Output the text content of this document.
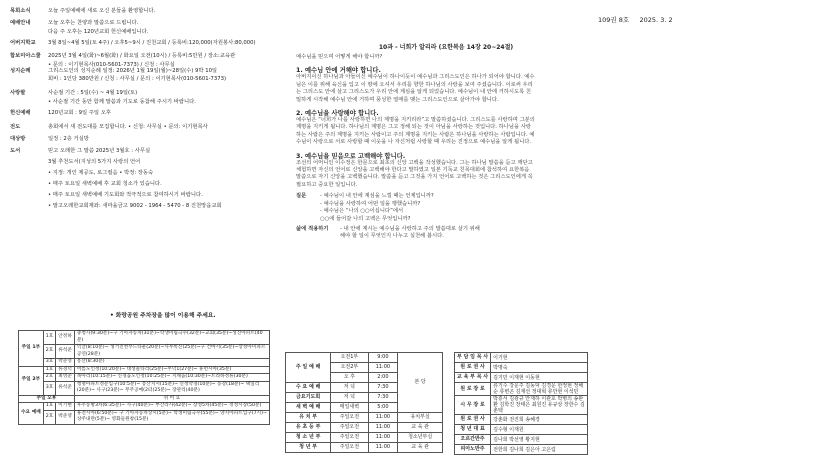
목회소식	오늘 주일예배에 새로 오신 분들을 환영합니다.
예배안내	오늘 오후는 찬양과 말씀으로 드립니다.
다음 주 오후는 120년교회 헌신예배입니다.
어버지학교 3월 8일~4월 5일(토 4주) / 오후5~9시 / 진천교회 / 등록비:120,000(자원봉사:80,000)
합보미아스쿨 2025년 3월 4일(화)~6월(화) / 화요일 오전(10시) / 등록비:5만원 / 장소:교육관
• 문의 : 이기현목사(010-5601-7373) / 신청 : 사무실
성지순례	그리스도인의 성지순례 일정: 2026년 1월 19일(월)~28일(수) 9박 10일
회비 : 1인당 380만원 / 신청 : 사무실 / 문의 : 이기현목사(010-5601-7373)
사랑팔	사순절 기간 : 5일(수) ~ 4월 19일(토)
• 사순절 기간 동안 함께 말씀과 기도로 동참해 주시기 바랍니다.
헌신예배	120년교회 : 9일 주일 오후
전도	총회에서 새 전도대를 모집합니다. • 신청: 사무실 • 문의: 이기현목사
대상방	일정 : 2층 거실방
도서	믿고 오래한 그 말씀 2025년 3월호 : 사무실
3월 추천도서(지성의 5가지 사랑의 언어
• 지정: 개인 제공도, 로그컬음 • 박정: 장동숙
• 매주 토요일 새벽예배 후 교회 청소가 있습니다.
• 매주 토요일 새벽예배 기도회와 적극적으로 참여하시기 바랍니다.
• 말고오래한교회계좌: 새마을금고 9002 - 1964 - 5470 - 8 진천망읍교회
109권 8호 2025. 3. 2
10과 - 너희가 알리라 (요한복음 14장 20~24절)
예수님을 믿으며 어떻게 해야 합니까?
1. 예수님 안에 거해야 합니다.
아버지이신 하나님과 아들이신 예수님이 하나이듯이 예수님과 그리스도인은 하나가 되어야 합니다. 예수님은 이를 위해 육신을 입고 이 땅에 오셔서 우리를 향한 하나님의 사랑을 보여 주셨습니다. 이로써 우리는 그리스도 안에 살고 그리스도가 우리 안에 계심을 알게 되었습니다. 예수님이 내 안에 거하시도록 친밀하게 시작해 예수님 안에 거하며 풍성한 열매를 맺는 그리스도인으로 살아가야 합니다.
2. 예수님을 사랑해야 합니다.
예수님은 “너희가 나를 사랑하면 나의 계명을 지키리라”고 말씀하셨습니다. 그리스도를 사랑하며 그분의 계명을 지키게 됩니다. 하나님의 계명은 그고 정해 되는 것이 아님을 사랑하는 것입니다. 하나님을 사랑하는 사람은 주의 계명을 지키는 사람이고 주의 계명을 지키는 사람은 하나님을 사랑하는 사람입니다. 예수님이 사랑으로 서로 사랑할 때 이웃을 나 자신처럼 사랑할 때 우리는 진정으로 예수님을 알게 됩니다.
3. 예수님을 믿음으로 고백해야 합니다.
조선의 어머니인 이수정은 한문으로 최초의 신앙 고백을 작성했습니다. 그는 하나님 말씀을 듣고 깨닫고 체험하면 자신의 언어로 신앙을 고백해야 한다고 말하였고 일본 기독교 친목대회에 참석하여 요한복음 말씀으로 자기 신앙을 고백했습니다. 말씀을 듣고 그것을 가지 언어로 고백하는 것은 그리스도인에게 꼭 필요하고 중요한 일입니다.
질문	- 예수님이 내 안에 계심을 느낄 때는 언제입니까?
- 예수님을 사랑하여 어떤 일을 행했습니까?
- 예수님은 “나의 ○○이십니다”에서
○○에 들어갈 나의 고백은 무엇입니까?
삶에 적용하기 - 내 안에 계시는 예수님을 사랑하고 주의 말씀대로 살기 위해
해야 할 일이 무엇인지 나누고 실천해 봅시다.
• 화랑공원 주차장을 많이 이용해 주세요.
주일 1부	1호	안정하	충청사(9:30분)~구 기아자동차(31분)~학생미림극수(32분)~교회(35분)~성진아파트(40분)
	2호	류석준	익글(8:10분)~ 생거진천푸드타운(20분)~사무록신(25분)~구 건마시(35분)~장성아미파르공연(28분)
	3호	박준영	흥산(8:30분)
주일 2부	1호	류경덕	어름노인정(10:20분)~ 대성놀타리(25분)~무덕1(27분)~ 휴먼시아(35분)
	2호	최영준	목아리(10:15분)~ 신경읍노인정(10:25분)~ 지채읍(10:30분)~트라하정류(30분)
	3호	류석준	청명아파트정문입구(10:5분)~ 봉산지시(15분)~ 신정약경(10분)~ 동강(18분)~ 택일리(20분)~ 사구(23분)~ 무주공매(2터(25분)~ 장관리(40분)
주일 오후			쉬 어 요
수요 예배	1호	이기현	후주동방3차(6:35분)~ 사구(40분)~ 부산라사(42분)~ 장성5차(45분)~ 정성시장(50분)
	2호	박준영	휴전시아(6:50분)~ 구 기아자동차상시(5분)~ 학생미림극수(55분)~ 양지아파트입구(7시)~ 상주내란(5분)~ 영화들원창(15분)
주 일 예 배	오전1부	9:00	본 당
	오전2부	11:00	
	오 후	2:00	
수 요 예 배	저 녁	7:30	
금요기도회	저 녁	7:30	
새 벽 예 배	매일새벽	5:00	
유 치 부	주일오전	11:00	유치부실
유 초 등 부	주일오전	11:00	교 육 관
청 소 년 부	주일오전	11:00	청소년부실
청 년 부	주일오전	11:00	교 육 관
부 담 임 목 사	이기현
원 로 권 사	박명숙
교 육 부 목 사	김기민 이재현 이동현
원 로 장 로	류기수 강운주 김동덕 김경운 한정현 정해순 류변곤 김재선 정대혁 류만현 이석민
시 무 장 로	박흥서 김광규 안재하 이관호 박병의 송완환 김학진 장태은 최원진 유규상 장한수 김춘택
원 로 권 사	강춘화 전진희 송혜경
청 년 대 표	김수형 이재원
오르간반주	김나희 박선영 황지현
피아노반주	전한희 김나희 김은아 고은림
